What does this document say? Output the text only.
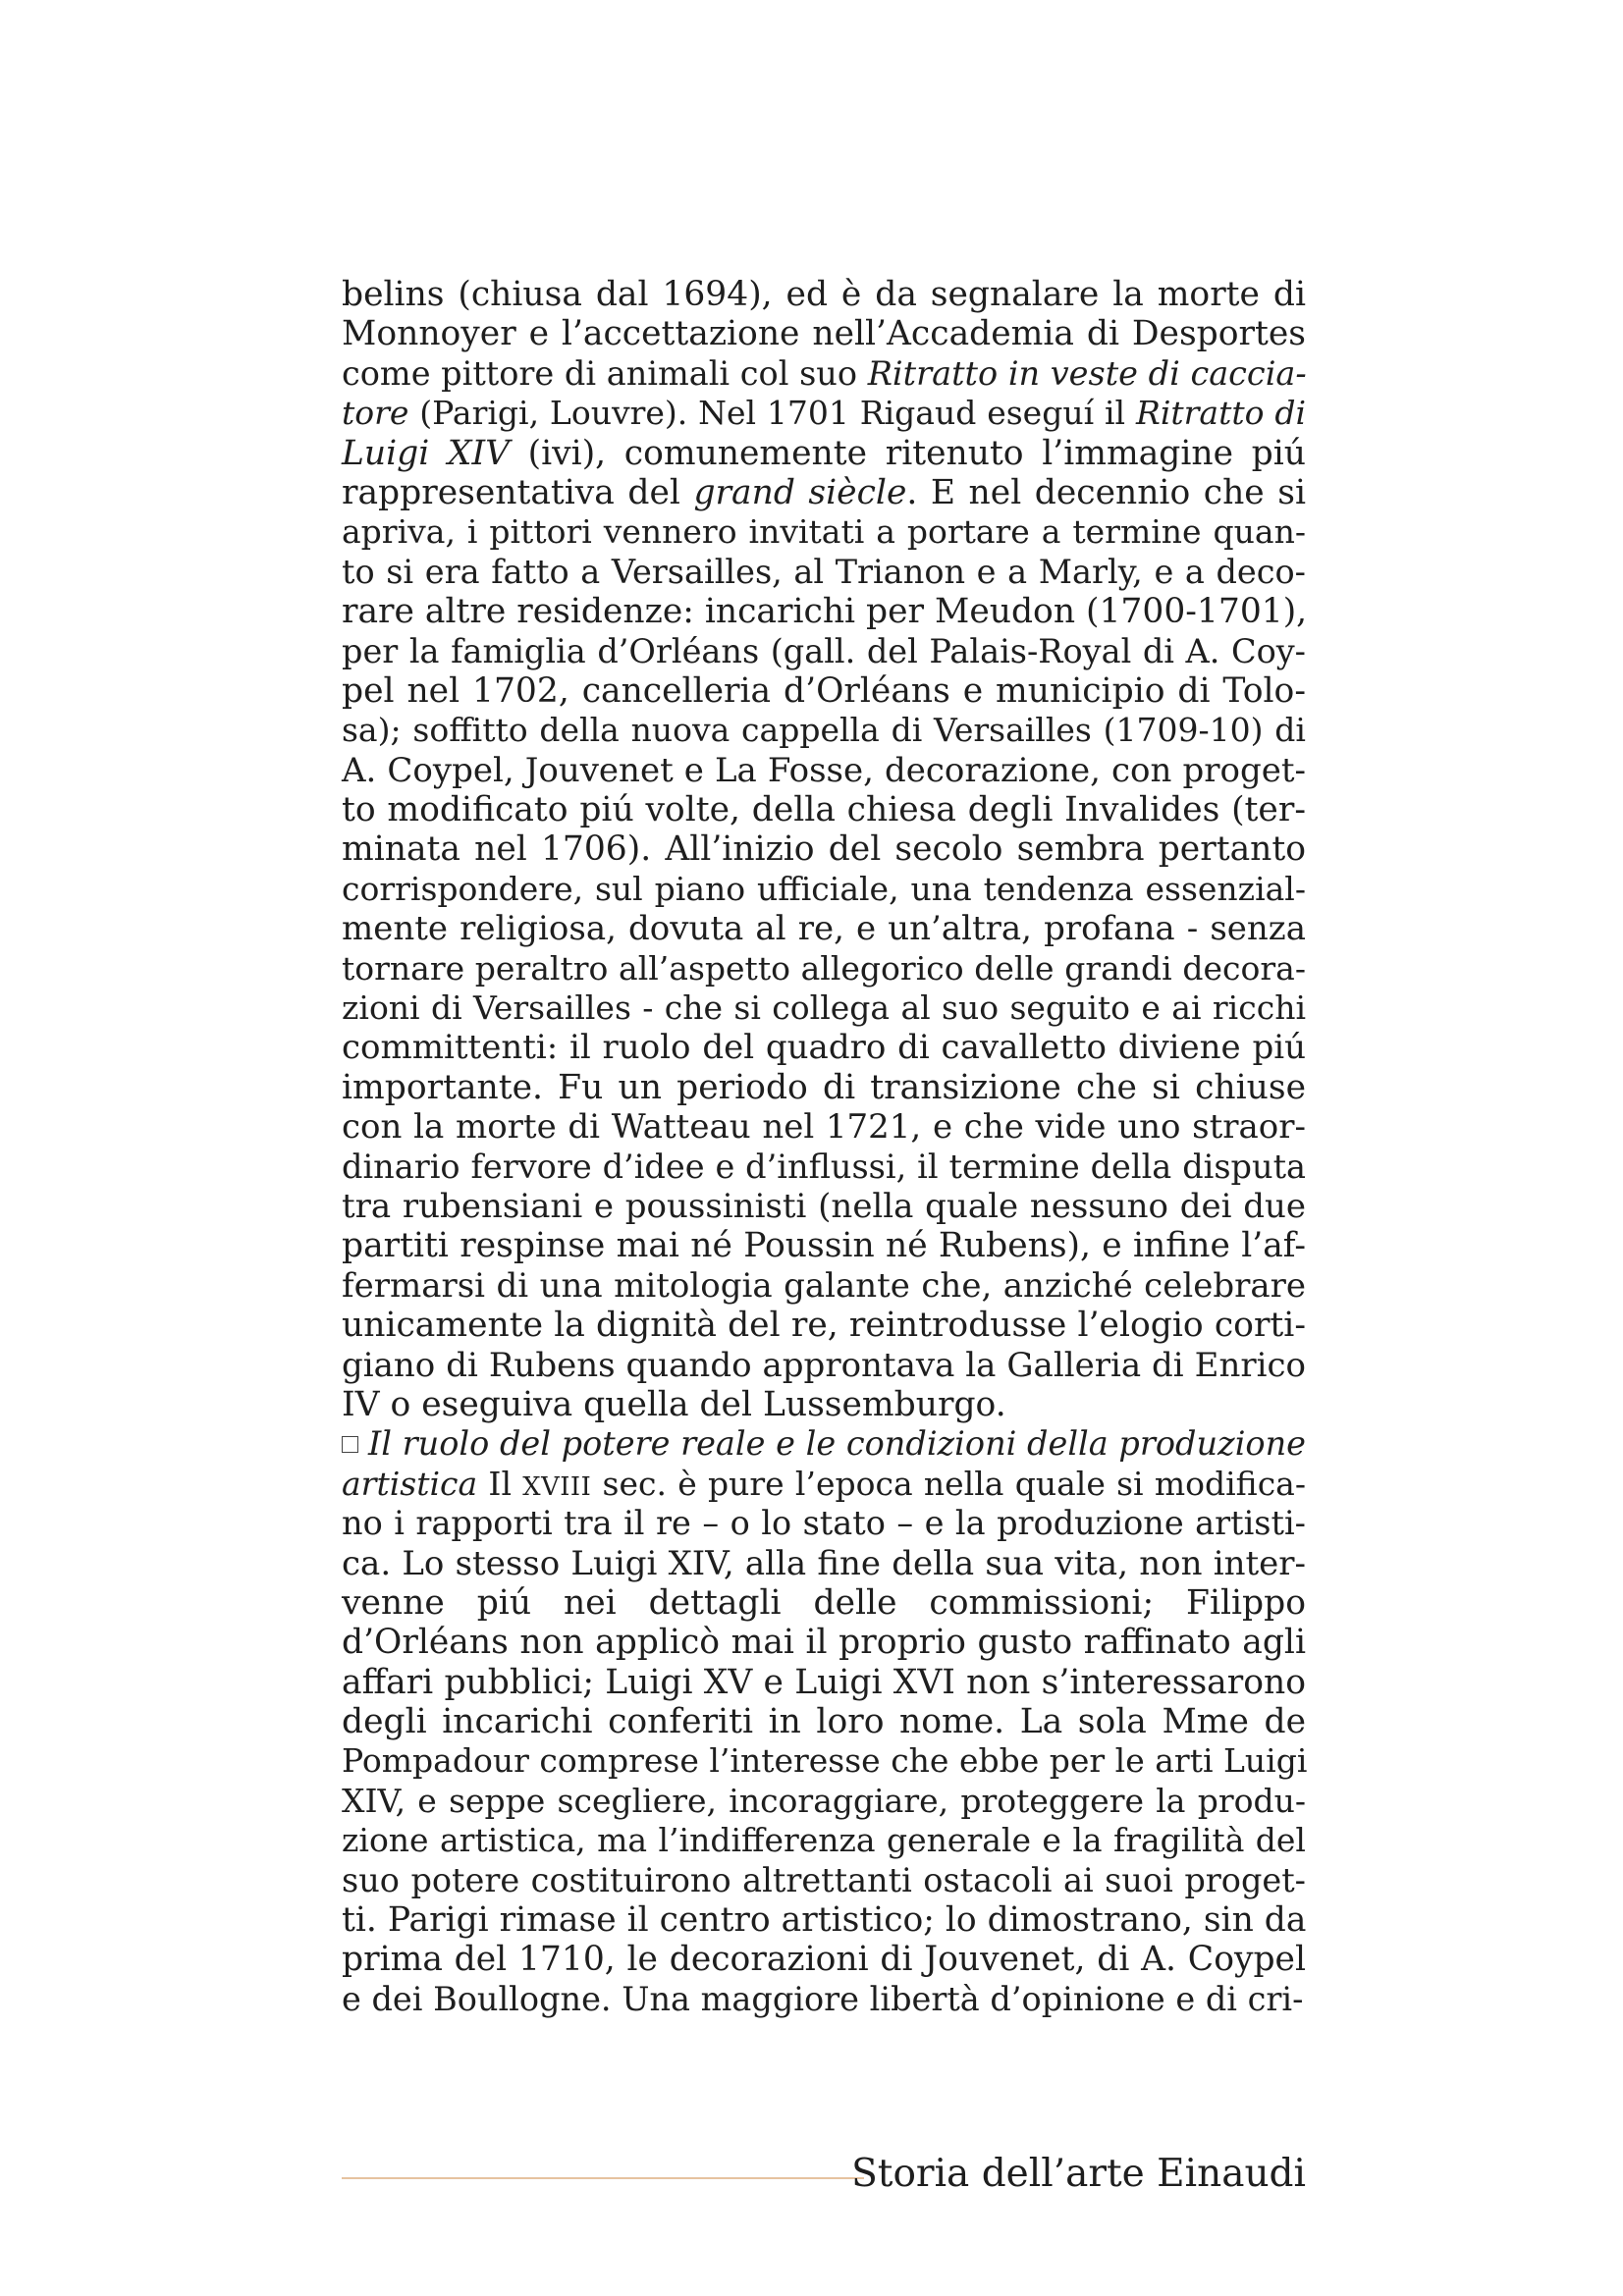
belins (chiusa dal 1694), ed è da segnalare la morte di
Monnoyer e l’accettazione nell’Accademia di Desportes
come pittore di animali col suo Ritratto in veste di caccia-
tore (Parigi, Louvre). Nel 1701 Rigaud eseguí il Ritratto di
Luigi XIV (ivi), comunemente ritenuto l’immagine piú
rappresentativa del grand siècle. E nel decennio che si
apriva, i pittori vennero invitati a portare a termine quan-
to si era fatto a Versailles, al Trianon e a Marly, e a deco-
rare altre residenze: incarichi per Meudon (1700-1701),
per la famiglia d’Orléans (gall. del Palais-Royal di A. Coy-
pel nel 1702, cancelleria d’Orléans e municipio di Tolo-
sa); soffitto della nuova cappella di Versailles (1709-10) di
A. Coypel, Jouvenet e La Fosse, decorazione, con proget-
to modificato piú volte, della chiesa degli Invalides (ter-
minata nel 1706). All’inizio del secolo sembra pertanto
corrispondere, sul piano ufficiale, una tendenza essenzial-
mente religiosa, dovuta al re, e un’altra, profana - senza
tornare peraltro all’aspetto allegorico delle grandi decora-
zioni di Versailles - che si collega al suo seguito e ai ricchi
committenti: il ruolo del quadro di cavalletto diviene piú
importante. Fu un periodo di transizione che si chiuse
con la morte di Watteau nel 1721, e che vide uno straor-
dinario fervore d’idee e d’influssi, il termine della disputa
tra rubensiani e poussinisti (nella quale nessuno dei due
partiti respinse mai né Poussin né Rubens), e infine l’af-
fermarsi di una mitologia galante che, anziché celebrare
unicamente la dignità del re, reintrodusse l’elogio corti-
giano di Rubens quando approntava la Galleria di Enrico
IV o eseguiva quella del Lussemburgo.
Il ruolo del potere reale e le condizioni della produzione
artistica Il XVIII sec. è pure l’epoca nella quale si modifica-
no i rapporti tra il re – o lo stato – e la produzione artisti-
ca. Lo stesso Luigi XIV, alla fine della sua vita, non inter-
venne piú nei dettagli delle commissioni; Filippo
d’Orléans non applicò mai il proprio gusto raffinato agli
affari pubblici; Luigi XV e Luigi XVI non s’interessarono
degli incarichi conferiti in loro nome. La sola Mme de
Pompadour comprese l’interesse che ebbe per le arti Luigi
XIV, e seppe scegliere, incoraggiare, proteggere la produ-
zione artistica, ma l’indifferenza generale e la fragilità del
suo potere costituirono altrettanti ostacoli ai suoi proget-
ti. Parigi rimase il centro artistico; lo dimostrano, sin da
prima del 1710, le decorazioni di Jouvenet, di A. Coypel
e dei Boullogne. Una maggiore libertà d’opinione e di cri-
Storia dell’arte Einaudi
